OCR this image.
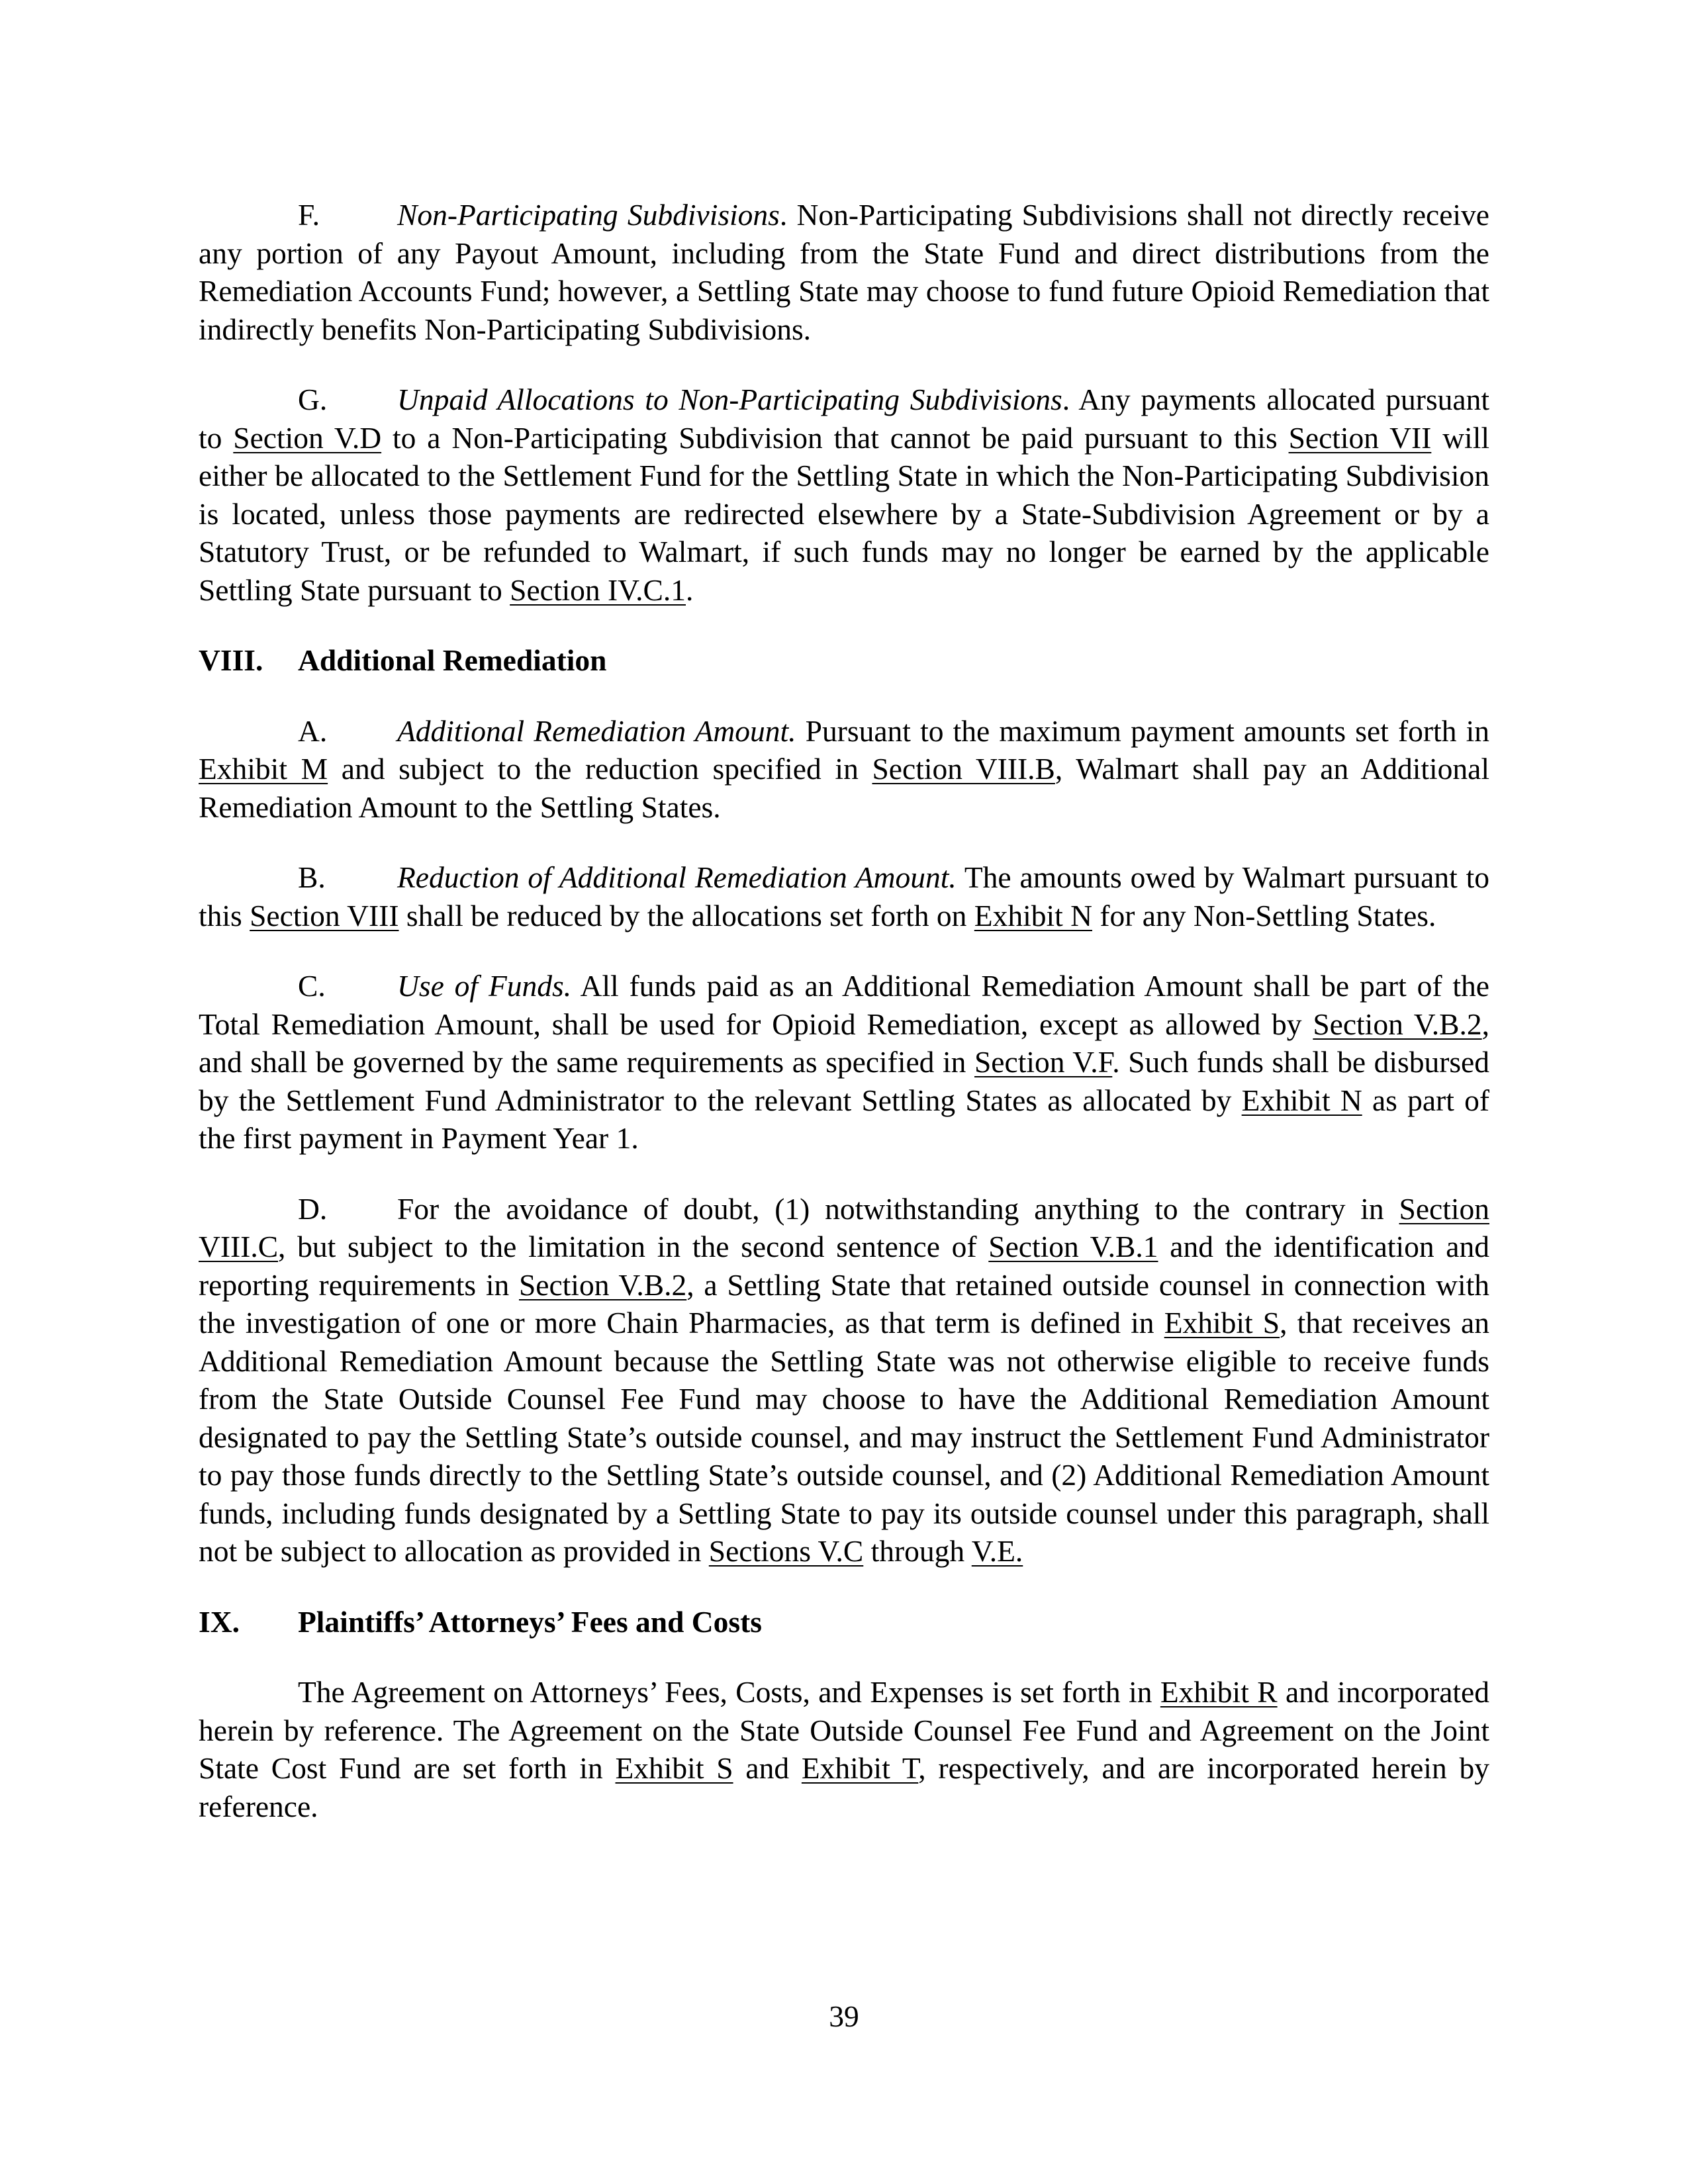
F.	Non-Participating Subdivisions. Non-Participating Subdivisions shall not directly receive any portion of any Payout Amount, including from the State Fund and direct distributions from the Remediation Accounts Fund; however, a Settling State may choose to fund future Opioid Remediation that indirectly benefits Non-Participating Subdivisions.

G. Unpaid Allocations to Non-Participating Subdivisions. Any payments allocated pursuant to Section V.D to a Non-Participating Subdivision that cannot be paid pursuant to this Section VII will either be allocated to the Settlement Fund for the Settling State in which the Non-Participating Subdivision is located, unless those payments are redirected elsewhere by a State-Subdivision Agreement or by a Statutory Trust, or be refunded to Walmart, if such funds may no longer be earned by the applicable Settling State pursuant to Section IV.C.1.

VIII. Additional Remediation

A. Additional Remediation Amount. Pursuant to the maximum payment amounts set forth in Exhibit M and subject to the reduction specified in Section VIII.B, Walmart shall pay an Additional Remediation Amount to the Settling States.

B. Reduction of Additional Remediation Amount. The amounts owed by Walmart pursuant to this Section VIII shall be reduced by the allocations set forth on Exhibit N for any Non-Settling States.

C. Use of Funds. All funds paid as an Additional Remediation Amount shall be part of the Total Remediation Amount, shall be used for Opioid Remediation, except as allowed by Section V.B.2, and shall be governed by the same requirements as specified in Section V.F. Such funds shall be disbursed by the Settlement Fund Administrator to the relevant Settling States as allocated by Exhibit N as part of the first payment in Payment Year 1.

D. For the avoidance of doubt, (1) notwithstanding anything to the contrary in Section VIII.C, but subject to the limitation in the second sentence of Section V.B.1 and the identification and reporting requirements in Section V.B.2, a Settling State that retained outside counsel in connection with the investigation of one or more Chain Pharmacies, as that term is defined in Exhibit S, that receives an Additional Remediation Amount because the Settling State was not otherwise eligible to receive funds from the State Outside Counsel Fee Fund may choose to have the Additional Remediation Amount designated to pay the Settling State’s outside counsel, and may instruct the Settlement Fund Administrator to pay those funds directly to the Settling State’s outside counsel, and (2) Additional Remediation Amount funds, including funds designated by a Settling State to pay its outside counsel under this paragraph, shall not be subject to allocation as provided in Sections V.C through V.E.

IX. Plaintiffs’ Attorneys’ Fees and Costs

The Agreement on Attorneys’ Fees, Costs, and Expenses is set forth in Exhibit R and incorporated herein by reference. The Agreement on the State Outside Counsel Fee Fund and Agreement on the Joint State Cost Fund are set forth in Exhibit S and Exhibit T, respectively, and are incorporated herein by reference.

39
